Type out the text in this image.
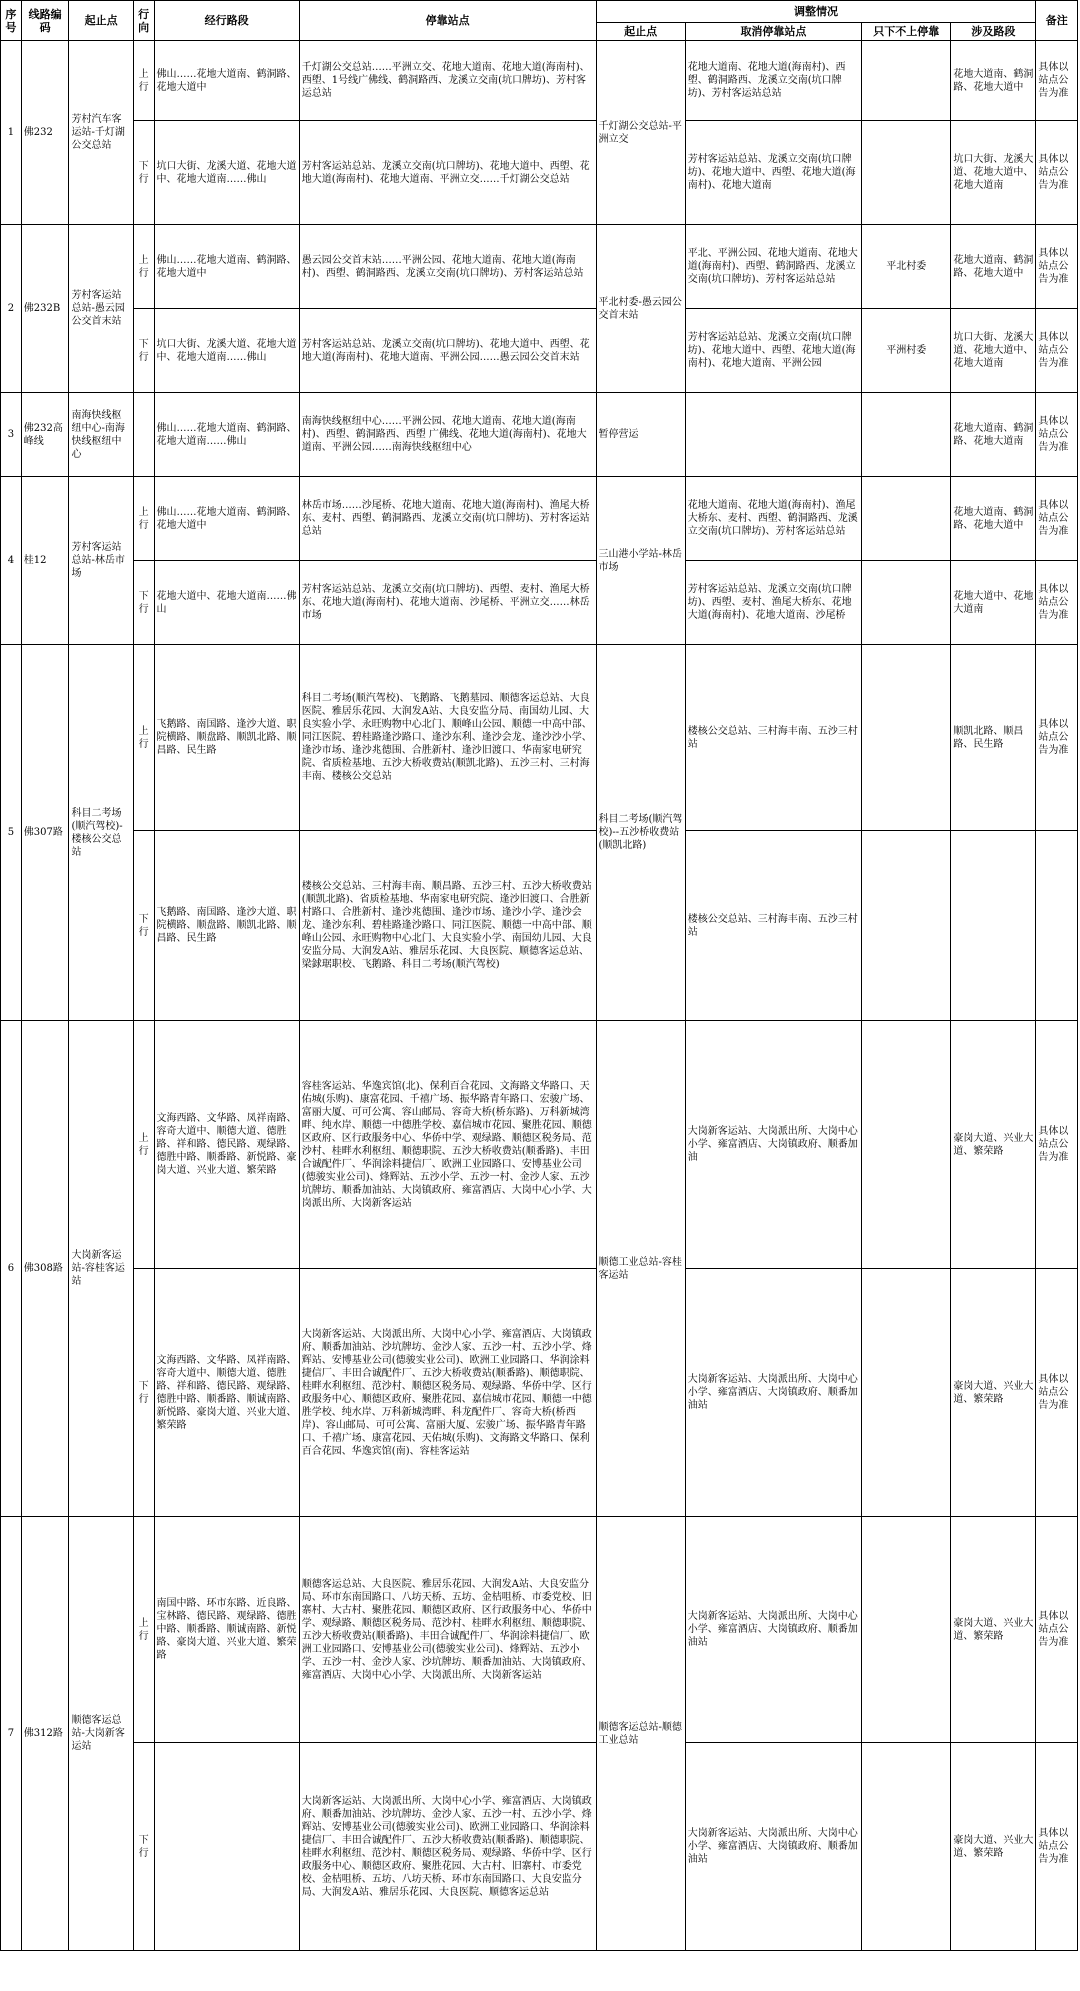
序号	线路编码	起止点	行向	经行路段	停靠站点	调整情况				备注
						起止点	取消停靠站点	只下不上停靠	涉及路段	
1	佛232	芳村汽车客运站-千灯湖公交总站	上行	佛山……花地大道南、鹤洞路、花地大道中	千灯湖公交总站……平洲立交、花地大道南、花地大道(海南村)、西塱、1号线广佛线、鹤洞路西、龙溪立交南(坑口牌坊)、芳村客运总站	千灯湖公交总站-平洲立交	花地大道南、花地大道(海南村)、西塱、鹤洞路西、龙溪立交南(坑口牌坊)、芳村客运站总站		花地大道南、鹤洞路、花地大道中	具体以站点公告为准
			下行	坑口大街、龙溪大道、花地大道中、花地大道南……佛山	芳村客运站总站、龙溪立交南(坑口牌坊)、花地大道中、西塱、花地大道(海南村)、花地大道南、平洲立交……千灯湖公交总站		芳村客运站总站、龙溪立交南(坑口牌坊)、花地大道中、西塱、花地大道(海南村)、花地大道南		坑口大街、龙溪大道、花地大道中、花地大道南	具体以站点公告为准
2	佛232B	芳村客运站总站-愚云园公交首末站	上行	佛山……花地大道南、鹤洞路、花地大道中	愚云园公交首末站……平洲公园、花地大道南、花地大道(海南村)、西塱、鹤洞路西、龙溪立交南(坑口牌坊)、芳村客运站总站	平北村委-愚云园公交首末站	平北、平洲公园、花地大道南、花地大道(海南村)、西塱、鹤洞路西、龙溪立交南(坑口牌坊)、芳村客运站总站	平北村委	花地大道南、鹤洞路、花地大道中	具体以站点公告为准
			下行	坑口大街、龙溪大道、花地大道中、花地大道南……佛山	芳村客运站总站、龙溪立交南(坑口牌坊)、花地大道中、西塱、花地大道(海南村)、花地大道南、平洲公园……愚云园公交首末站		芳村客运站总站、龙溪立交南(坑口牌坊)、花地大道中、西塱、花地大道(海南村)、花地大道南、平洲公园	平洲村委	坑口大街、龙溪大道、花地大道中、花地大道南	具体以站点公告为准
3	佛232高峰线	南海快线枢纽中心-南海快线枢纽中心		佛山……花地大道南、鹤洞路、花地大道南……佛山	南海快线枢纽中心……平洲公园、花地大道南、花地大道(海南村)、西塱、鹤洞路西、西塱 广佛线、花地大道(海南村)、花地大道南、平洲公园……南海快线枢纽中心	暂停营运			花地大道南、鹤洞路、花地大道南	具体以站点公告为准
4	桂12	芳村客运站总站-林岳市场	上行	佛山……花地大道南、鹤洞路、花地大道中	林岳市场……沙尾桥、花地大道南、花地大道(海南村)、渔尾大桥东、麦村、西塱、鹤洞路西、龙溪立交南(坑口牌坊)、芳村客运站总站	三山港小学站-林岳市场	花地大道南、花地大道(海南村)、渔尾大桥东、麦村、西塱、鹤洞路西、龙溪立交南(坑口牌坊)、芳村客运站总站		花地大道南、鹤洞路、花地大道中	具体以站点公告为准
			下行	花地大道中、花地大道南……佛山	芳村客运站总站、龙溪立交南(坑口牌坊)、西塱、麦村、渔尾大桥东、花地大道(海南村)、花地大道南、沙尾桥、平洲立交……林岳市场		芳村客运站总站、龙溪立交南(坑口牌坊)、西塱、麦村、渔尾大桥东、花地大道(海南村)、花地大道南、沙尾桥		花地大道中、花地大道南	具体以站点公告为准
5	佛307路	科目二考场(顺汽驾校)-楼核公交总站	上行	飞鹅路、南国路、逢沙大道、职院横路、顺盘路、顺凯北路、顺昌路、民生路	科目二考场(顺汽驾校)、飞鹅路、飞鹅墓园、顺德客运总站、大良医院、雅居乐花园、大润发A站、大良安监分局、南国幼儿园、大良实验小学、永旺购物中心北门、顺峰山公园、顺德一中高中部、同江医院、碧桂路逢沙路口、逢沙东利、逢沙会龙、逢沙沙小学、逢沙市场、逢沙兆德围、合胜新村、逢沙旧渡口、华南家电研究院、省质检基地、五沙大桥收费站(顺凯北路)、五沙三村、三村海丰南、楼核公交总站	科目二考场(顺汽驾校)--五沙桥收费站(顺凯北路)	楼核公交总站、三村海丰南、五沙三村站		顺凯北路、顺昌路、民生路	具体以站点公告为准
			下行	飞鹅路、南国路、逢沙大道、职院横路、顺盘路、顺凯北路、顺昌路、民生路	楼核公交总站、三村海丰南、顺昌路、五沙三村、五沙大桥收费站(顺凯北路)、省质检基地、华南家电研究院、逢沙旧渡口、合胜新村路口、合胜新村、逢沙兆德围、逢沙市场、逢沙小学、逢沙会龙、逢沙东利、碧桂路逢沙路口、同江医院、顺德一中高中部、顺峰山公园、永旺购物中心北门、大良实验小学、南国幼儿园、大良安监分局、大润发A站、雅居乐花园、大良医院、顺德客运总站、梁銶琚职校、飞鹅路、科目二考场(顺汽驾校)		楼核公交总站、三村海丰南、五沙三村站			
6	佛308路	大岗新客运站-容桂客运站	上行	文海西路、文华路、凤祥南路、容奇大道中、顺德大道、德胜路、祥和路、德民路、观绿路、德胜中路、顺番路、新悦路、豪岗大道、兴业大道、繁荣路	容桂客运站、华逸宾馆(北)、保利百合花园、文海路文华路口、天佑城(乐购)、康富花园、千禧广场、振华路青年路口、宏骏广场、富丽大厦、可可公寓、容山邮局、容奇大桥(桥东路)、万科新城湾畔、纯水岸、顺德一中德胜学校、嘉信城市花园、聚胜花园、顺德区政府、区行政服务中心、华侨中学、观绿路、顺德区税务局、范沙村、桂畔水利枢纽、顺德职院、五沙大桥收费站(顺番路)、丰田合诚配件厂、华润涂料捷信厂、欧洲工业园路口、安博基业公司(德骏实业公司)、烽辉站、五沙小学、五沙一村、金沙人家、五沙坑牌坊、顺番加油站、大岗镇政府、雍富酒店、大岗中心小学、大岗派出所、大岗新客运站	顺德工业总站-容桂客运站	大岗新客运站、大岗派出所、大岗中心小学、雍富酒店、大岗镇政府、顺番加油		豪岗大道、兴业大道、繁荣路	具体以站点公告为准
			下行	文海西路、文华路、凤祥南路、容奇大道中、顺德大道、德胜路、祥和路、德民路、观绿路、德胜中路、顺番路、顺诚南路、新悦路、豪岗大道、兴业大道、繁荣路	大岗新客运站、大岗派出所、大岗中心小学、雍富酒店、大岗镇政府、顺番加油站、沙坑牌坊、金沙人家、五沙一村、五沙小学、烽辉站、安博基业公司(德骏实业公司)、欧洲工业园路口、华润涂料捷信厂、丰田合诚配件厂、五沙大桥收费站(顺番路)、顺德职院、桂畔水利枢纽、范沙村、顺德区税务局、观绿路、华侨中学、区行政服务中心、顺德区政府、聚胜花园、嘉信城市花园、顺德一中德胜学校、纯水岸、万科新城湾畔、科龙配件厂、容奇大桥(桥西岸)、容山邮局、可可公寓、富丽大厦、宏骏广场、振华路青年路口、千禧广场、康富花园、天佑城(乐购)、文海路文华路口、保利百合花园、华逸宾馆(南)、容桂客运站		大岗新客运站、大岗派出所、大岗中心小学、雍富酒店、大岗镇政府、顺番加油站		豪岗大道、兴业大道、繁荣路	具体以站点公告为准
7	佛312路	顺德客运总站-大岗新客运站	上行	南国中路、环市东路、近良路、宝林路、德民路、观绿路、德胜中路、顺番路、顺诚南路、新悦路、豪岗大道、兴业大道、繁荣路	顺德客运总站、大良医院、雅居乐花园、大润发A站、大良安监分局、环市东南国路口、八坊天桥、五坊、金桔咀桥、市委党校、旧寨村、大古村、聚胜花园、顺德区政府、区行政服务中心、华侨中学、观绿路、顺德区税务局、范沙村、桂畔水利枢纽、顺德职院、五沙大桥收费站(顺番路)、丰田合诚配件厂、华润涂料捷信厂、欧洲工业园路口、安博基业公司(德骏实业公司)、烽辉站、五沙小学、五沙一村、金沙人家、沙坑牌坊、顺番加油站、大岗镇政府、雍富酒店、大岗中心小学、大岗派出所、大岗新客运站	顺德客运总站-顺德工业总站	大岗新客运站、大岗派出所、大岗中心小学、雍富酒店、大岗镇政府、顺番加油站		豪岗大道、兴业大道、繁荣路	具体以站点公告为准
			下行		大岗新客运站、大岗派出所、大岗中心小学、雍富酒店、大岗镇政府、顺番加油站、沙坑牌坊、金沙人家、五沙一村、五沙小学、烽辉站、安博基业公司(德骏实业公司)、欧洲工业园路口、华润涂料捷信厂、丰田合诚配件厂、五沙大桥收费站(顺番路)、顺德职院、桂畔水利枢纽、范沙村、顺德区税务局、观绿路、华侨中学、区行政服务中心、顺德区政府、聚胜花园、大古村、旧寨村、市委党校、金桔咀桥、五坊、八坊天桥、环市东南国路口、大良安监分局、大润发A站、雅居乐花园、大良医院、顺德客运总站		大岗新客运站、大岗派出所、大岗中心小学、雍富酒店、大岗镇政府、顺番加油站		豪岗大道、兴业大道、繁荣路	具体以站点公告为准
